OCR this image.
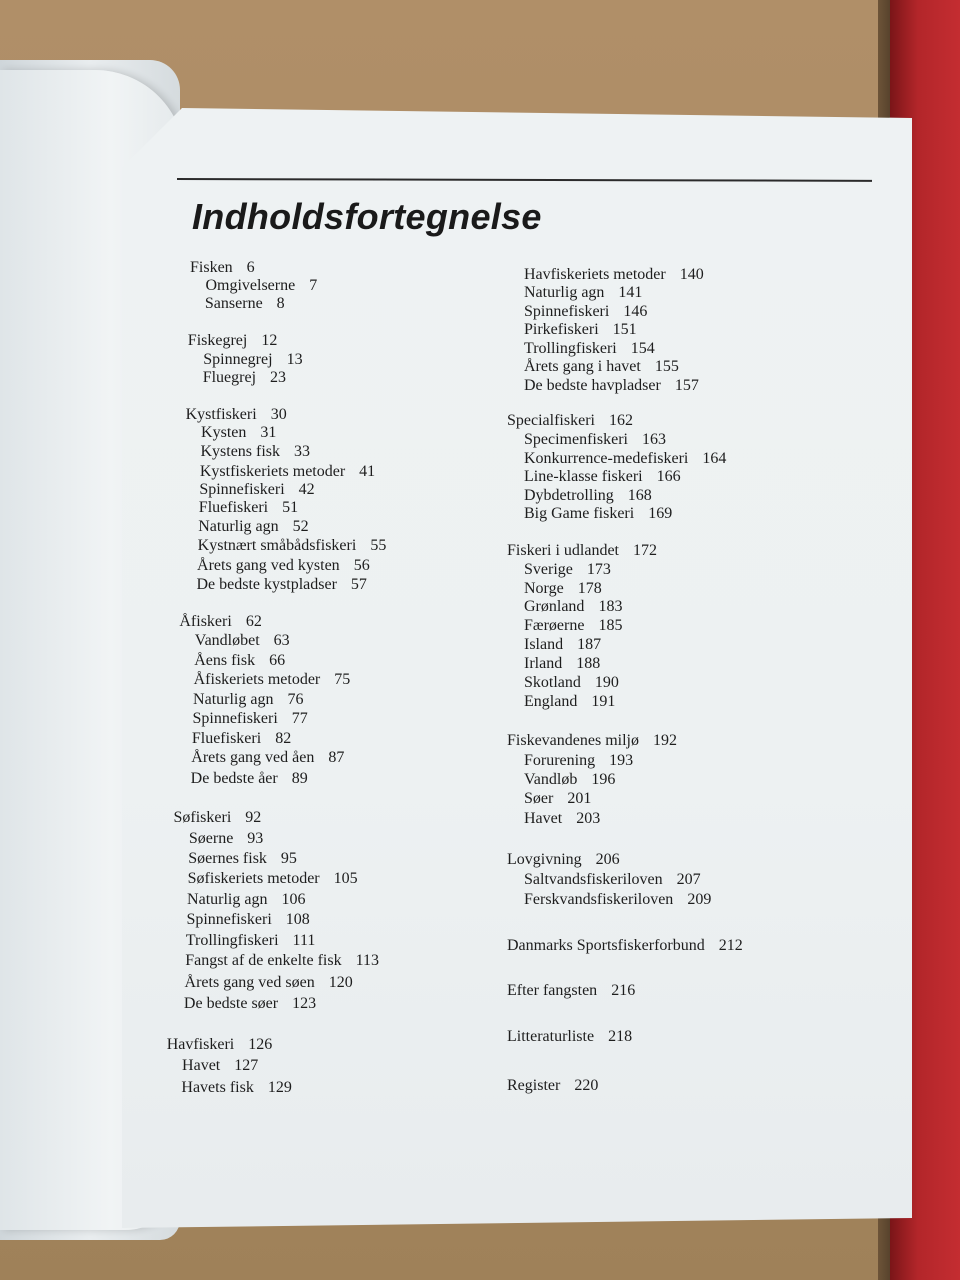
Indholdsfortegnelse
Fisken 6
Omgivelserne 7
Sanserne 8
Fiskegrej 12
Spinnegrej 13
Fluegrej 23
Kystfiskeri 30
Kysten 31
Kystens fisk 33
Kystfiskeriets metoder 41
Spinnefiskeri 42
Fluefiskeri 51
Naturlig agn 52
Kystnært småbådsfiskeri 55
Årets gang ved kysten 56
De bedste kystpladser 57
Åfiskeri 62
Vandløbet 63
Åens fisk 66
Åfiskeriets metoder 75
Naturlig agn 76
Spinnefiskeri 77
Fluefiskeri 82
Årets gang ved åen 87
De bedste åer 89
Søfiskeri 92
Søerne 93
Søernes fisk 95
Søfiskeriets metoder 105
Naturlig agn 106
Spinnefiskeri 108
Trollingfiskeri 111
Fangst af de enkelte fisk 113
Årets gang ved søen 120
De bedste søer 123
Havfiskeri 126
Havet 127
Havets fisk 129
Havfiskeriets metoder 140
Naturlig agn 141
Spinnefiskeri 146
Pirkefiskeri 151
Trollingfiskeri 154
Årets gang i havet 155
De bedste havpladser 157
Specialfiskeri 162
Specimenfiskeri 163
Konkurrence-medefiskeri 164
Line-klasse fiskeri 166
Dybdetrolling 168
Big Game fiskeri 169
Fiskeri i udlandet 172
Sverige 173
Norge 178
Grønland 183
Færøerne 185
Island 187
Irland 188
Skotland 190
England 191
Fiskevandenes miljø 192
Forurening 193
Vandløb 196
Søer 201
Havet 203
Lovgivning 206
Saltvandsfiskeriloven 207
Ferskvandsfiskeriloven 209
Danmarks Sportsfiskerforbund 212
Efter fangsten 216
Litteraturliste 218
Register 220
